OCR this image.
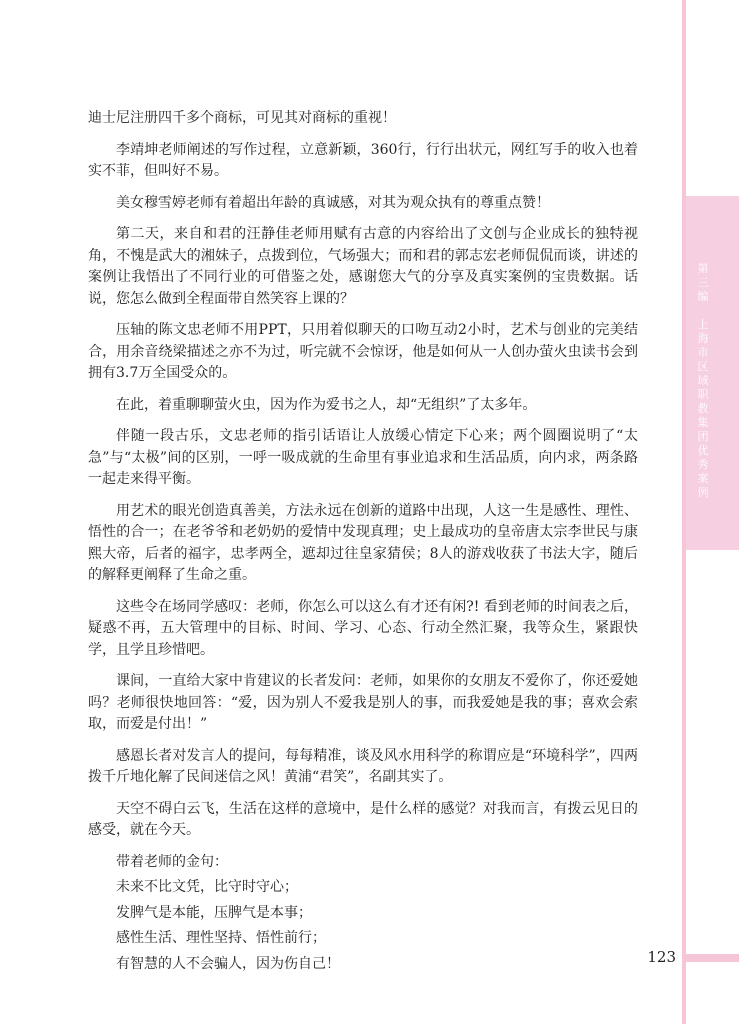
第三编
上海市区域职教集团优秀案例

迪士尼注册四千多个商标，可见其对商标的重视！

李靖坤老师阐述的写作过程，立意新颖，360行，行行出状元，网红写手的收入也着实不菲，但叫好不易。

美女穆雪婷老师有着超出年龄的真诚感，对其为观众执有的尊重点赞！

第二天，来自和君的汪静佳老师用赋有古意的内容给出了文创与企业成长的独特视角，不愧是武大的湘妹子，点拨到位，气场强大；而和君的郭志宏老师侃侃而谈，讲述的案例让我悟出了不同行业的可借鉴之处，感谢您大气的分享及真实案例的宝贵数据。话说，您怎么做到全程面带自然笑容上课的？

压轴的陈文忠老师不用PPT，只用着似聊天的口吻互动2小时，艺术与创业的完美结合，用余音绕梁描述之亦不为过，听完就不会惊讶，他是如何从一人创办萤火虫读书会到拥有3.7万全国受众的。

在此，着重聊聊萤火虫，因为作为爱书之人，却“无组织”了太多年。

伴随一段古乐，文忠老师的指引话语让人放缓心情定下心来；两个圆圈说明了“太急”与“太极”间的区别，一呼一吸成就的生命里有事业追求和生活品质，向内求，两条路一起走来得平衡。

用艺术的眼光创造真善美，方法永远在创新的道路中出现，人这一生是感性、理性、悟性的合一；在老爷爷和老奶奶的爱情中发现真理；史上最成功的皇帝唐太宗李世民与康熙大帝，后者的福字，忠孝两全，遮却过往皇家猜侯；8人的游戏收获了书法大字，随后的解释更阐释了生命之重。

这些令在场同学感叹：老师，你怎么可以这么有才还有闲?! 看到老师的时间表之后，疑惑不再，五大管理中的目标、时间、学习、心态、行动全然汇聚，我等众生，紧跟快学，且学且珍惜吧。

课间，一直给大家中肯建议的长者发问：老师，如果你的女朋友不爱你了，你还爱她吗？老师很快地回答：“爱，因为别人不爱我是别人的事，而我爱她是我的事；喜欢会索取，而爱是付出！”

感恩长者对发言人的提问，每每精准，谈及风水用科学的称谓应是“环境科学”，四两拨千斤地化解了民间迷信之风！黄浦“君笑”，名副其实了。

天空不碍白云飞，生活在这样的意境中，是什么样的感觉？对我而言，有拨云见日的感受，就在今天。

带着老师的金句：

未来不比文凭，比守时守心；

发脾气是本能，压脾气是本事；

感性生活、理性坚持、悟性前行；

有智慧的人不会骗人，因为伤自己！	123
